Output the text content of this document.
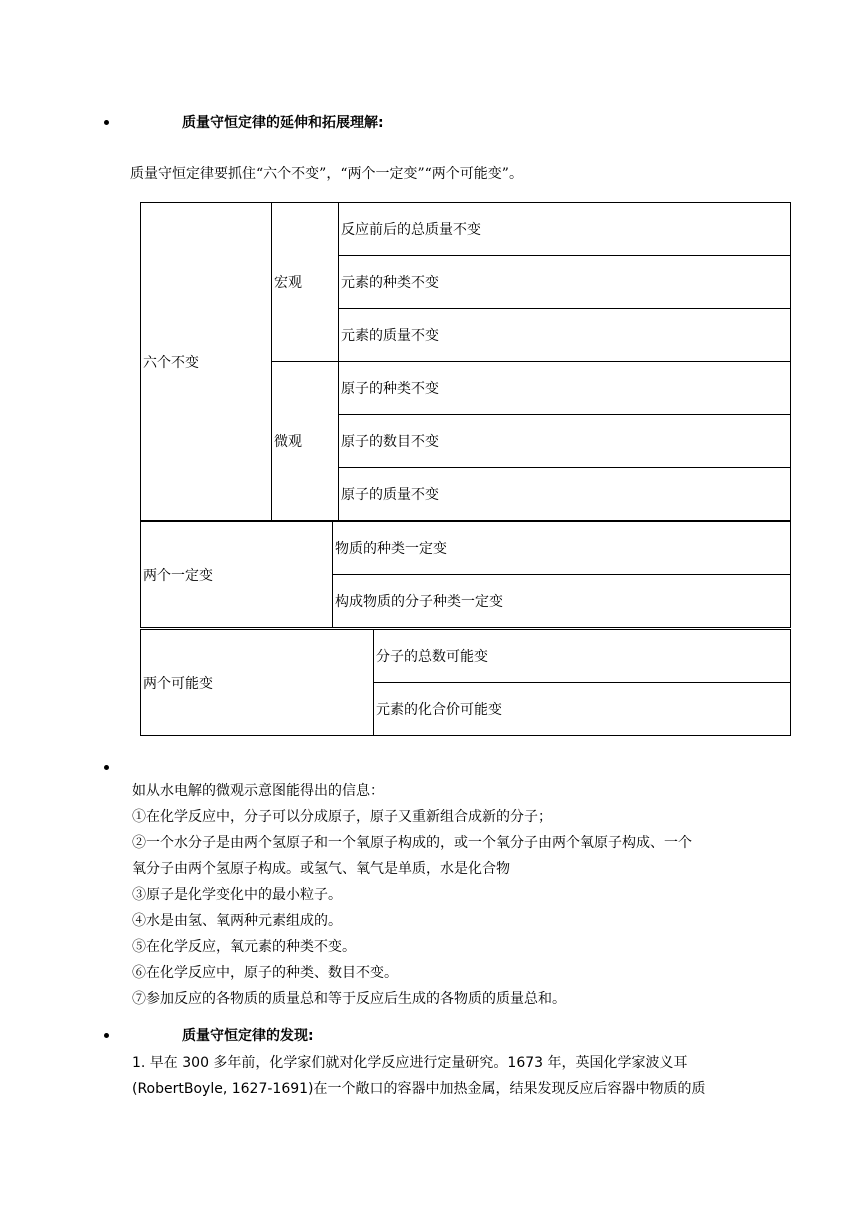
质量守恒定律的延伸和拓展理解:
质量守恒定律要抓住“六个不变”，“两个一定变”“两个可能变”。
六个不变	宏观	反应前后的总质量不变
		元素的种类不变
		元素的质量不变
	微观	原子的种类不变
		原子的数目不变
		原子的质量不变
两个一定变	物质的种类一定变
构成物质的分子种类一定变
两个可能变	分子的总数可能变
元素的化合价可能变
如从水电解的微观示意图能得出的信息：
①在化学反应中，分子可以分成原子，原子又重新组合成新的分子；
②一个水分子是由两个氢原子和一个氧原子构成的，或一个氧分子由两个氧原子构成、一个
氧分子由两个氢原子构成。或氢气、氧气是单质，水是化合物
③原子是化学变化中的最小粒子。
④水是由氢、氧两种元素组成的。
⑤在化学反应，氧元素的种类不变。
⑥在化学反应中，原子的种类、数目不变。
⑦参加反应的各物质的质量总和等于反应后生成的各物质的质量总和。
质量守恒定律的发现:
1. 早在 300 多年前，化学家们就对化学反应进行定量研究。1673 年，英国化学家波义耳
(RobertBoyle, 1627-1691)在一个敞口的容器中加热金属，结果发现反应后容器中物质的质
